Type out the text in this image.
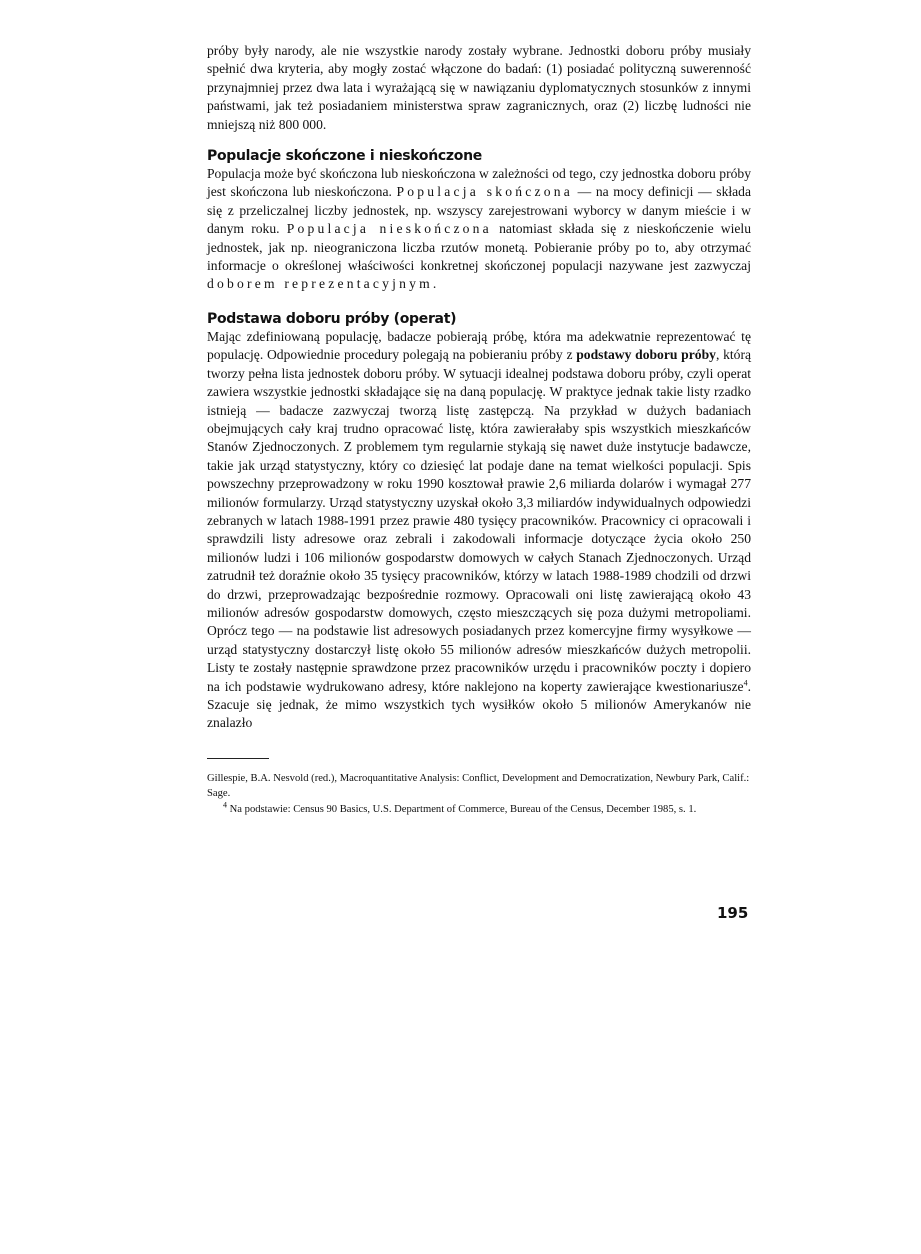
próby były narody, ale nie wszystkie narody zostały wybrane. Jednostki doboru próby musiały spełnić dwa kryteria, aby mogły zostać włączone do badań: (1) posiadać polityczną suwerenność przynajmniej przez dwa lata i wyrażającą się w nawiązaniu dyplomatycznych stosunków z innymi państwami, jak też posiadaniem ministerstwa spraw zagranicznych, oraz (2) liczbę ludności nie mniejszą niż 800 000.

Populacje skończone i nieskończone

Populacja może być skończona lub nieskończona w zależności od tego, czy jednostka doboru próby jest skończona lub nieskończona. Populacja skończona — na mocy definicji — składa się z przeliczalnej liczby jednostek, np. wszyscy zarejestrowani wyborcy w danym mieście i w danym roku. Populacja nieskończona natomiast składa się z nieskończenie wielu jednostek, jak np. nieograniczona liczba rzutów monetą. Pobieranie próby po to, aby otrzymać informacje o określonej właściwości konkretnej skończonej populacji nazywane jest zazwyczaj doborem reprezentacyjnym.

Podstawa doboru próby (operat)

Mając zdefiniowaną populację, badacze pobierają próbę, która ma adekwatnie reprezentować tę populację. Odpowiednie procedury polegają na pobieraniu próby z podstawy doboru próby, którą tworzy pełna lista jednostek doboru próby. W sytuacji idealnej podstawa doboru próby, czyli operat zawiera wszystkie jednostki składające się na daną populację. W praktyce jednak takie listy rzadko istnieją — badacze zazwyczaj tworzą listę zastępczą. Na przykład w dużych badaniach obejmujących cały kraj trudno opracować listę, która zawierałaby spis wszystkich mieszkańców Stanów Zjednoczonych. Z problemem tym regularnie stykają się nawet duże instytucje badawcze, takie jak urząd statystyczny, który co dziesięć lat podaje dane na temat wielkości populacji. Spis powszechny przeprowadzony w roku 1990 kosztował prawie 2,6 miliarda dolarów i wymagał 277 milionów formularzy. Urząd statystyczny uzyskał około 3,3 miliardów indywidualnych odpowiedzi zebranych w latach 1988-1991 przez prawie 480 tysięcy pracowników. Pracownicy ci opracowali i sprawdzili listy adresowe oraz zebrali i zakodowali informacje dotyczące życia około 250 milionów ludzi i 106 milionów gospodarstw domowych w całych Stanach Zjednoczonych. Urząd zatrudnił też doraźnie około 35 tysięcy pracowników, którzy w latach 1988-1989 chodzili od drzwi do drzwi, przeprowadzając bezpośrednie rozmowy. Opracowali oni listę zawierającą około 43 milionów adresów gospodarstw domowych, często mieszczących się poza dużymi metropoliami. Oprócz tego — na podstawie list adresowych posiadanych przez komercyjne firmy wysyłkowe — urząd statystyczny dostarczył listę około 55 milionów adresów mieszkańców dużych metropolii. Listy te zostały następnie sprawdzone przez pracowników urzędu i pracowników poczty i dopiero na ich podstawie wydrukowano adresy, które naklejono na koperty zawierające kwestionariusze$^4$. Szacuje się jednak, że mimo wszystkich tych wysiłków około 5 milionów Amerykanów nie znalazło

Gillespie, B.A. Nesvold (red.), Macroquantitative Analysis: Conflict, Development and Democratization, Newbury Park, Calif.: Sage.

$^4$ Na podstawie: Census 90 Basics, U.S. Department of Commerce, Bureau of the Census, December 1985, s. 1.

195
